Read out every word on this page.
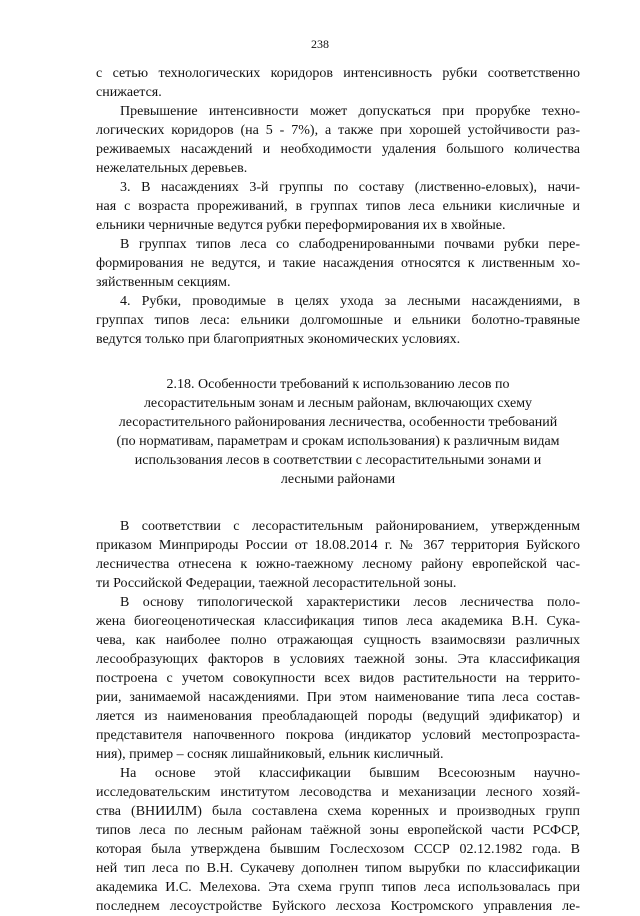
238
с сетью технологических коридоров интенсивность рубки соответственно
снижается.
Превышение интенсивности может допускаться при прорубке техно-
логических коридоров (на 5 - 7%), а также при хорошей устойчивости раз-
реживаемых насаждений и необходимости удаления большого количества
нежелательных деревьев.
3. В насаждениях 3-й группы по составу (лиственно-еловых), начи-
ная с возраста прореживаний, в группах типов леса ельники кисличные и
ельники черничные ведутся рубки переформирования их в хвойные.
В группах типов леса со слабодренированными почвами рубки пере-
формирования не ведутся, и такие насаждения относятся к лиственным хо-
зяйственным секциям.
4. Рубки, проводимые в целях ухода за лесными насаждениями, в
группах типов леса: ельники долгомошные и ельники болотно-травяные
ведутся только при благоприятных экономических условиях.
2.18. Особенности требований к использованию лесов по
лесорастительным зонам и лесным районам, включающих схему
лесорастительного районирования лесничества, особенности требований
(по нормативам, параметрам и срокам использования) к различным видам
использования лесов в соответствии с лесорастительными зонами и
лесными районами
В соответствии с лесорастительным районированием, утвержденным
приказом Минприроды России от 18.08.2014 г. № 367 территория Буйского
лесничества отнесена к южно-таежному лесному району европейской час-
ти Российской Федерации, таежной лесорастительной зоны.
В основу типологической характеристики лесов лесничества поло-
жена биогеоценотическая классификация типов леса академика В.Н. Сука-
чева, как наиболее полно отражающая сущность взаимосвязи различных
лесообразующих факторов в условиях таежной зоны. Эта классификация
построена с учетом совокупности всех видов растительности на террито-
рии, занимаемой насаждениями. При этом наименование типа леса состав-
ляется из наименования преобладающей породы (ведущий эдификатор) и
представителя напочвенного покрова (индикатор условий местопрозраста-
ния), пример – сосняк лишайниковый, ельник кисличный.
На основе этой классификации бывшим Всесоюзным научно-
исследовательским институтом лесоводства и механизации лесного хозяй-
ства (ВНИИЛМ) была составлена схема коренных и производных групп
типов леса по лесным районам таёжной зоны европейской части РСФСР,
которая была утверждена бывшим Гослесхозом СССР 02.12.1982 года. В
ней тип леса по В.Н. Сукачеву дополнен типом вырубки по классификации
академика И.С. Мелехова. Эта схема групп типов леса использовалась при
последнем лесоустройстве Буйского лесхоза Костромского управления ле-
